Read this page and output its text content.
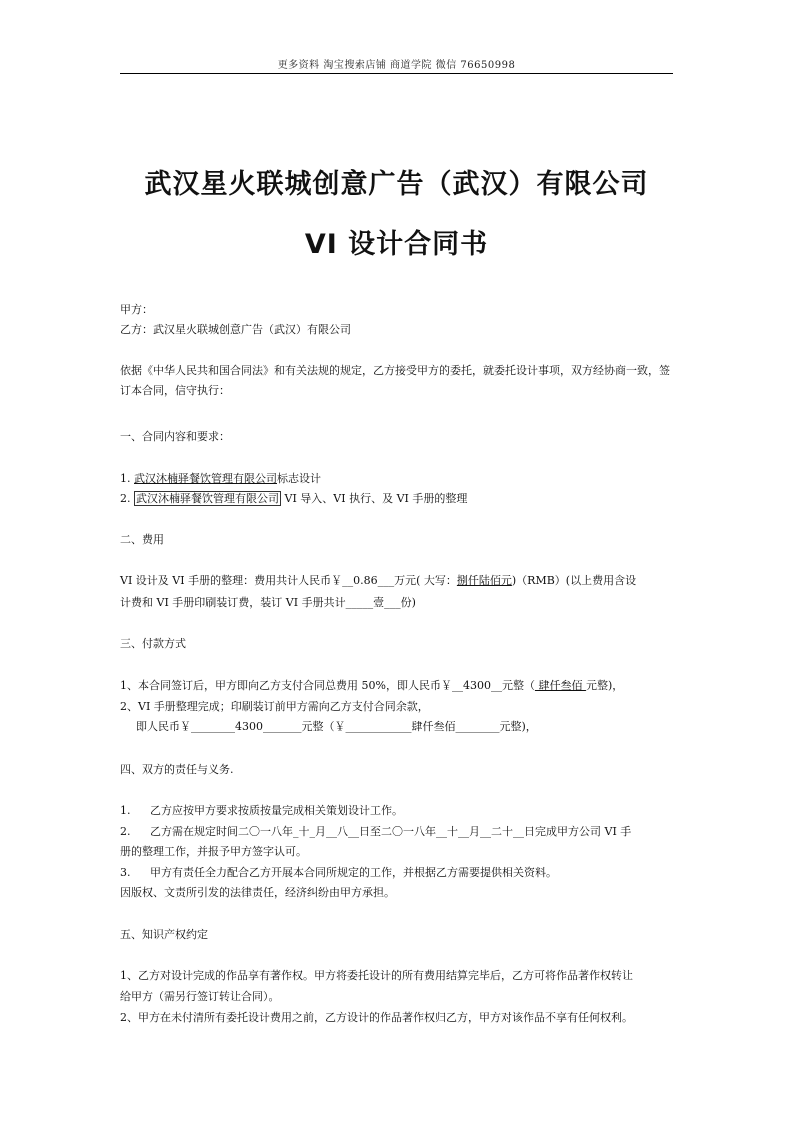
更多资料 淘宝搜索店铺 商道学院 微信 76650998
武汉星火联城创意广告（武汉）有限公司
VI 设计合同书
甲方：
乙方：武汉星火联城创意广告（武汉）有限公司
依据《中华人民共和国合同法》和有关法规的规定，乙方接受甲方的委托，就委托设计事项，双方经协商一致，签订本合同，信守执行：
一、合同内容和要求：
1. 武汉沐楠驿餐饮管理有限公司标志设计
2. 武汉沐楠驿餐饮管理有限公司 VI 导入、VI 执行、及 VI 手册的整理
二、费用
VI 设计及 VI 手册的整理：费用共计人民币￥__0.86___万元( 大写：捌仟陆佰元)（RMB）(以上费用含设
计费和 VI 手册印刷装订费，装订 VI 手册共计_____壹___份)
三、付款方式
1、本合同签订后，甲方即向乙方支付合同总费用 50%，即人民币￥__4300__元整（ 肆仟叁佰 元整)，
2、VI 手册整理完成；印刷装订前甲方需向乙方支付合同余款，
即人民币￥________4300_______元整（￥____________肆仟叁佰________元整)，
四、双方的责任与义务.
1. 乙方应按甲方要求按质按量完成相关策划设计工作。
2. 乙方需在规定时间二〇一八年_十_月__八__日至二〇一八年__十__月__二十__日完成甲方公司 VI 手
册的整理工作，并报予甲方签字认可。
3. 甲方有责任全力配合乙方开展本合同所规定的工作，并根据乙方需要提供相关资料。
因版权、文责所引发的法律责任，经济纠纷由甲方承担。
五、知识产权约定
1、乙方对设计完成的作品享有著作权。甲方将委托设计的所有费用结算完毕后，乙方可将作品著作权转让
给甲方（需另行签订转让合同）。
2、甲方在未付清所有委托设计费用之前，乙方设计的作品著作权归乙方，甲方对该作品不享有任何权利。
